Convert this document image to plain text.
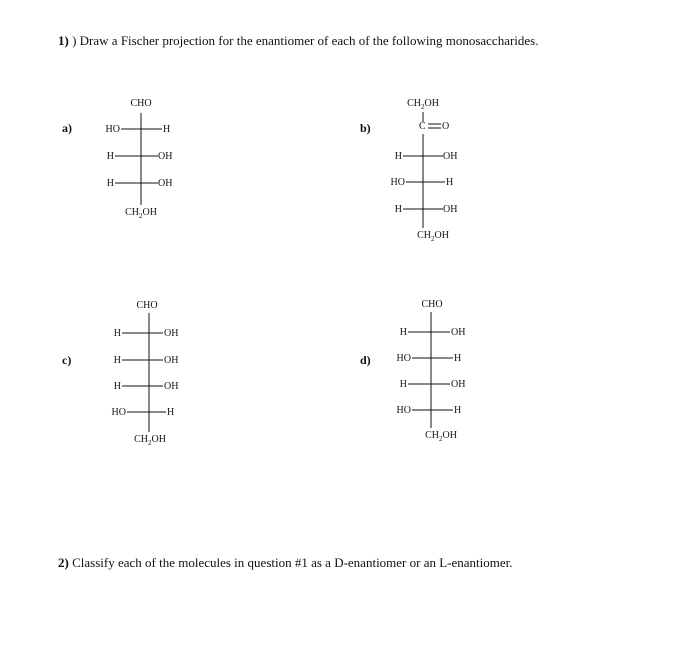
1) ) Draw a Fischer projection for the enantiomer of each of the following monosaccharides.
a)
CHO
HO	H
H	OH
H	OH
$CH_2OH$
b)
$CH_2OH$
C O
H	OH
HO	H
H	OH
$CH_2OH$
c)
CHO
H	OH
H	OH
H	OH
HO	H
$CH_2OH$
d)
CHO
H	OH
HO	H
H	OH
HO	H
$CH_2OH$
2) Classify each of the molecules in question #1 as a D-enantiomer or an L-enantiomer.
